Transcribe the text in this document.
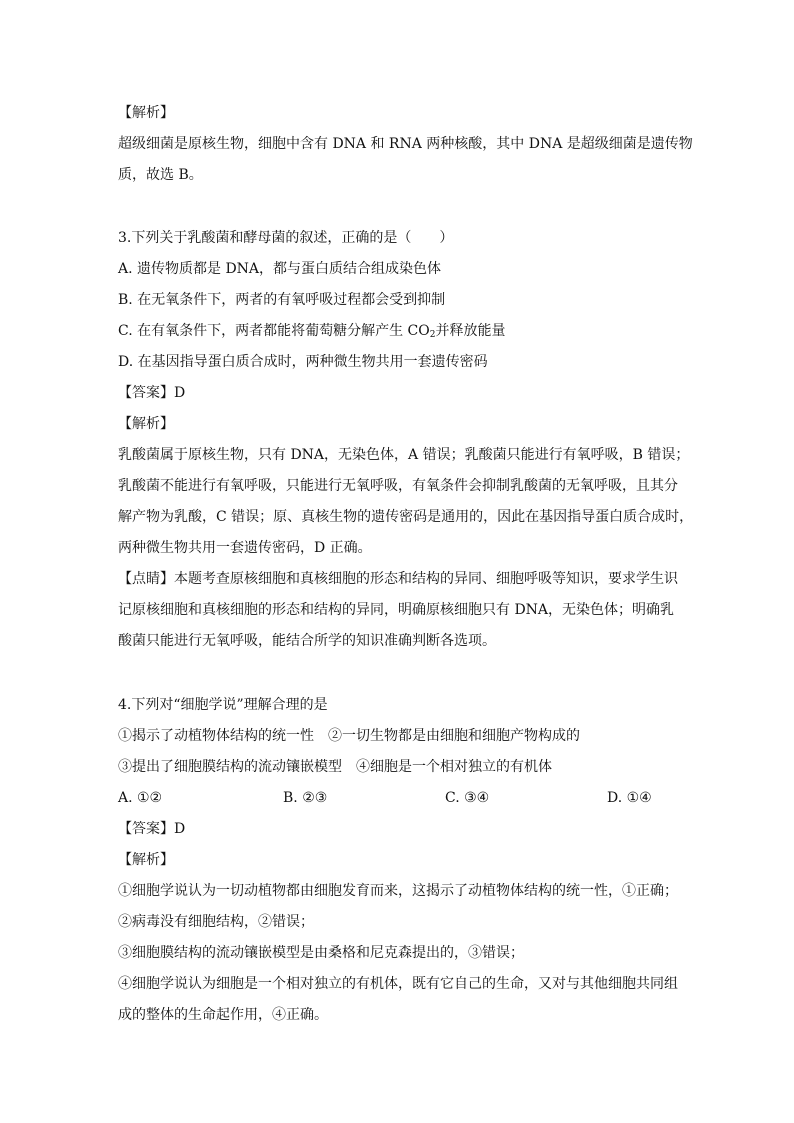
【解析】
超级细菌是原核生物，细胞中含有 DNA 和 RNA 两种核酸，其中 DNA 是超级细菌是遗传物
质，故选 B。
3.下列关于乳酸菌和酵母菌的叙述，正确的是（　　）
A. 遗传物质都是 DNA，都与蛋白质结合组成染色体
B. 在无氧条件下，两者的有氧呼吸过程都会受到抑制
C. 在有氧条件下，两者都能将葡萄糖分解产生 $CO_2$并释放能量
D. 在基因指导蛋白质合成时，两种微生物共用一套遗传密码
【答案】D
【解析】
乳酸菌属于原核生物，只有 DNA，无染色体，A 错误；乳酸菌只能进行有氧呼吸，B 错误；
乳酸菌不能进行有氧呼吸，只能进行无氧呼吸，有氧条件会抑制乳酸菌的无氧呼吸，且其分
解产物为乳酸，C 错误；原、真核生物的遗传密码是通用的，因此在基因指导蛋白质合成时，
两种微生物共用一套遗传密码，D 正确。
【点睛】本题考查原核细胞和真核细胞的形态和结构的异同、细胞呼吸等知识，要求学生识
记原核细胞和真核细胞的形态和结构的异同，明确原核细胞只有 DNA，无染色体；明确乳
酸菌只能进行无氧呼吸，能结合所学的知识准确判断各选项。
4.下列对“细胞学说”理解合理的是
①揭示了动植物体结构的统一性　②一切生物都是由细胞和细胞产物构成的
③提出了细胞膜结构的流动镶嵌模型　④细胞是一个相对独立的有机体
A. ①②	B. ②③	C. ③④	D. ①④
【答案】D
【解析】
①细胞学说认为一切动植物都由细胞发育而来，这揭示了动植物体结构的统一性，①正确；
②病毒没有细胞结构，②错误；
③细胞膜结构的流动镶嵌模型是由桑格和尼克森提出的，③错误；
④细胞学说认为细胞是一个相对独立的有机体，既有它自己的生命，又对与其他细胞共同组
成的整体的生命起作用，④正确。
